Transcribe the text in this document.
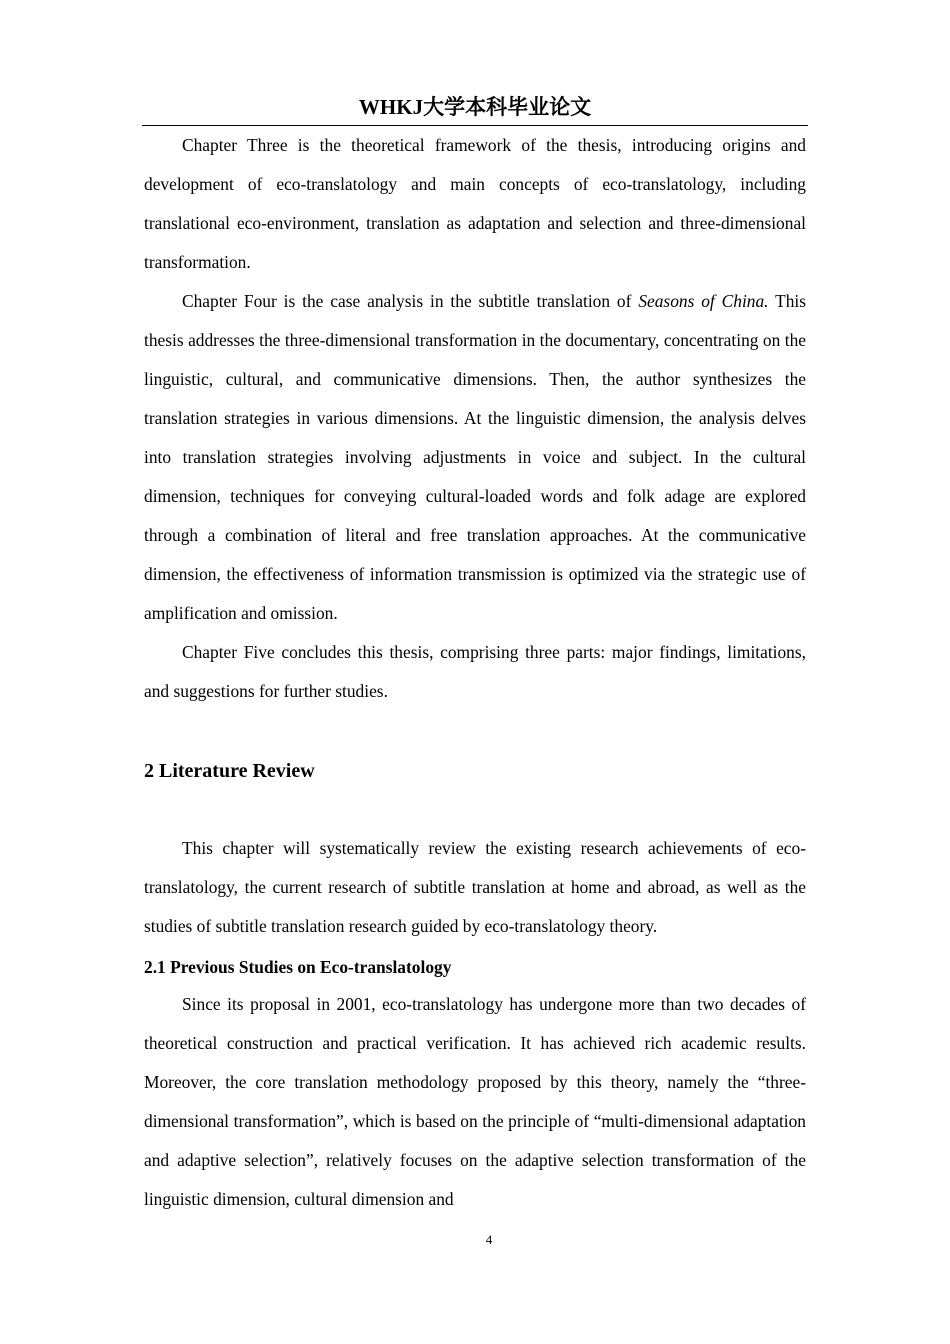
WHKJ大学本科毕业论文

Chapter Three is the theoretical framework of the thesis, introducing origins and development of eco-translatology and main concepts of eco-translatology, including translational eco-environment, translation as adaptation and selection and three-dimensional transformation.

Chapter Four is the case analysis in the subtitle translation of Seasons of China. This thesis addresses the three-dimensional transformation in the documentary, concentrating on the linguistic, cultural, and communicative dimensions. Then, the author synthesizes the translation strategies in various dimensions. At the linguistic dimension, the analysis delves into translation strategies involving adjustments in voice and subject. In the cultural dimension, techniques for conveying cultural-loaded words and folk adage are explored through a combination of literal and free translation approaches. At the communicative dimension, the effectiveness of information transmission is optimized via the strategic use of amplification and omission.

Chapter Five concludes this thesis, comprising three parts: major findings, limitations, and suggestions for further studies.

2 Literature Review

This chapter will systematically review the existing research achievements of eco-translatology, the current research of subtitle translation at home and abroad, as well as the studies of subtitle translation research guided by eco-translatology theory.

2.1 Previous Studies on Eco-translatology

Since its proposal in 2001, eco-translatology has undergone more than two decades of theoretical construction and practical verification. It has achieved rich academic results. Moreover, the core translation methodology proposed by this theory, namely the “three-dimensional transformation”, which is based on the principle of “multi-dimensional adaptation and adaptive selection”, relatively focuses on the adaptive selection transformation of the linguistic dimension, cultural dimension and

4
